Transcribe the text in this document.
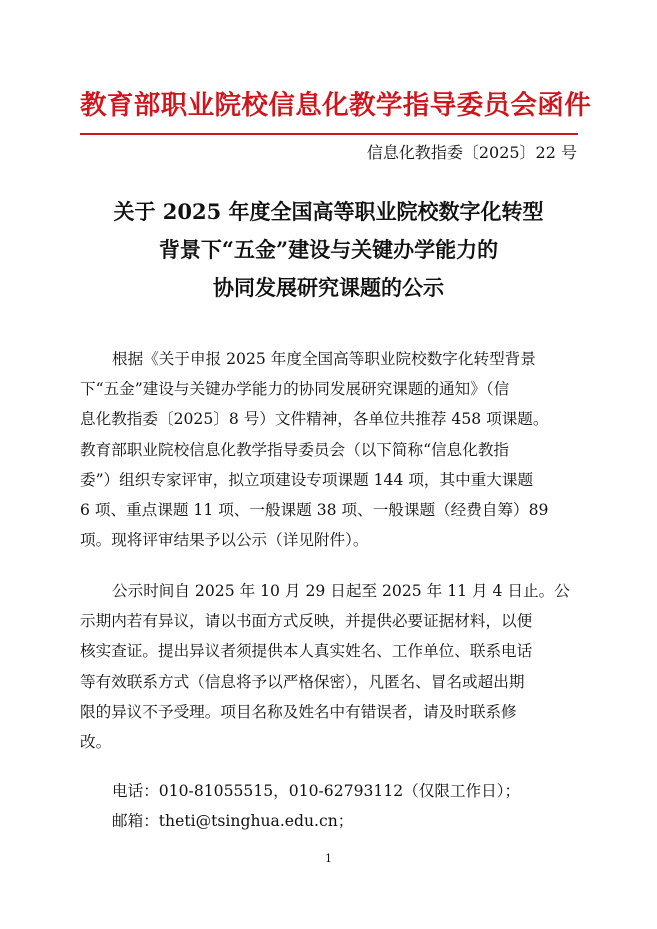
教育部职业院校信息化教学指导委员会函件
信息化教指委〔2025〕22 号
关于 2025 年度全国高等职业院校数字化转型
背景下“五金”建设与关键办学能力的
协同发展研究课题的公示
根据《关于申报 2025 年度全国高等职业院校数字化转型背景
下“五金”建设与关键办学能力的协同发展研究课题的通知》（信
息化教指委〔2025〕8 号）文件精神，各单位共推荐 458 项课题。
教育部职业院校信息化教学指导委员会（以下简称“信息化教指
委”）组织专家评审，拟立项建设专项课题 144 项，其中重大课题
6 项、重点课题 11 项、一般课题 38 项、一般课题（经费自筹）89
项。现将评审结果予以公示（详见附件）。
公示时间自 2025 年 10 月 29 日起至 2025 年 11 月 4 日止。公
示期内若有异议，请以书面方式反映，并提供必要证据材料，以便
核实查证。提出异议者须提供本人真实姓名、工作单位、联系电话
等有效联系方式（信息将予以严格保密），凡匿名、冒名或超出期
限的异议不予受理。项目名称及姓名中有错误者，请及时联系修
改。
电话：010-81055515，010-62793112（仅限工作日）；
邮箱：theti@tsinghua.edu.cn；
1
